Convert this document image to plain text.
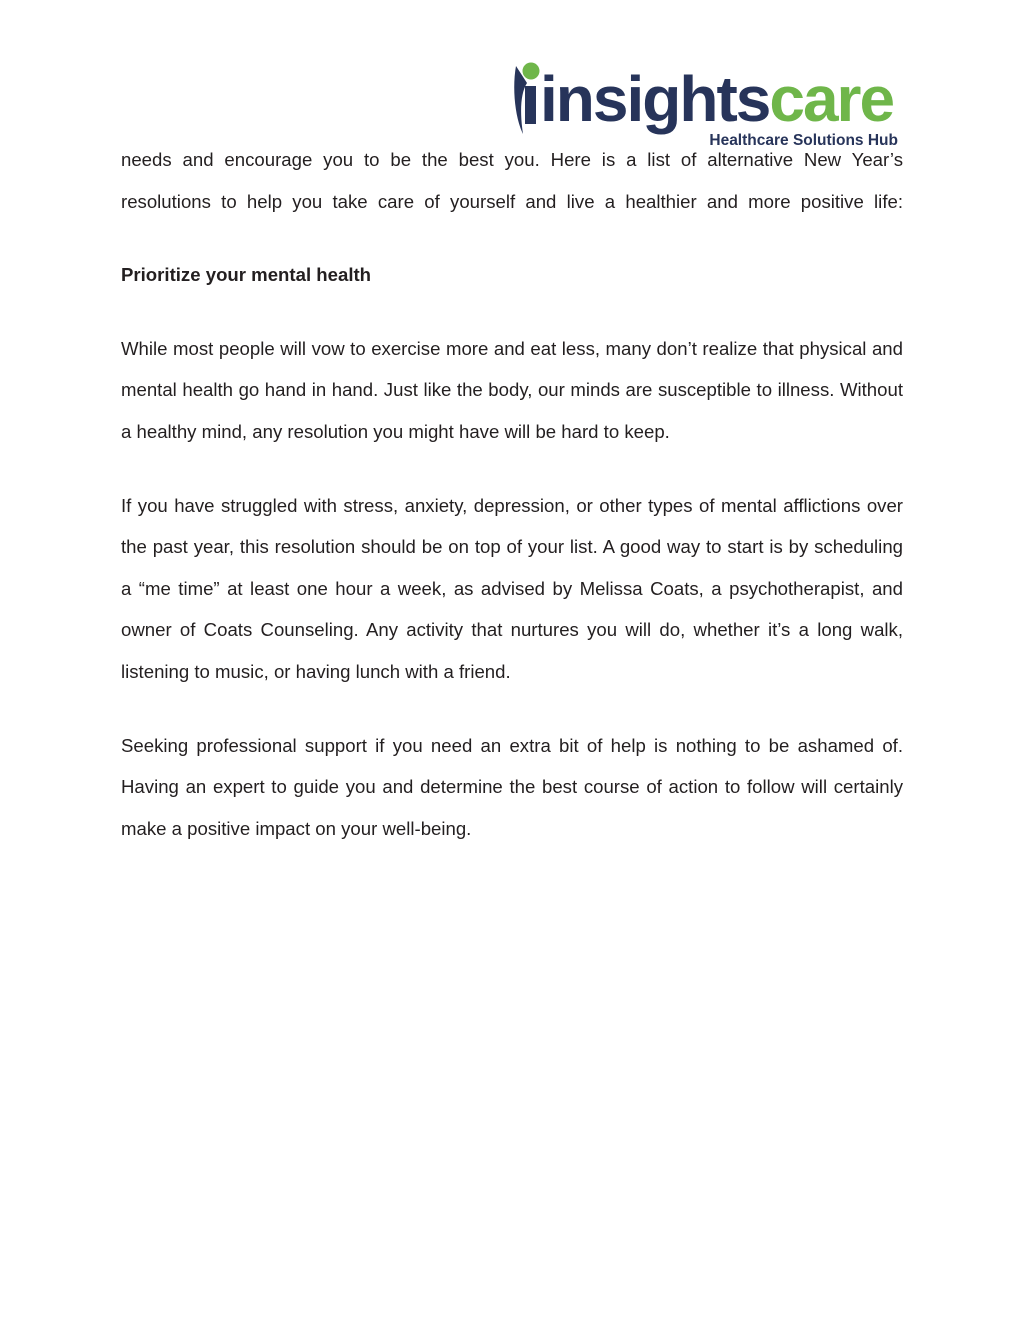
insightscare
Healthcare Solutions Hub

needs and encourage you to be the best you. Here is a list of alternative New Year’s resolutions to help you take care of yourself and live a healthier and more positive life:

Prioritize your mental health

While most people will vow to exercise more and eat less, many don’t realize that physical and mental health go hand in hand. Just like the body, our minds are susceptible to illness. Without a healthy mind, any resolution you might have will be hard to keep.

If you have struggled with stress, anxiety, depression, or other types of mental afflictions over the past year, this resolution should be on top of your list. A good way to start is by scheduling a “me time” at least one hour a week, as advised by Melissa Coats, a psychotherapist, and owner of Coats Counseling. Any activity that nurtures you will do, whether it’s a long walk, listening to music, or having lunch with a friend.

Seeking professional support if you need an extra bit of help is nothing to be ashamed of. Having an expert to guide you and determine the best course of action to follow will certainly make a positive impact on your well-being.
